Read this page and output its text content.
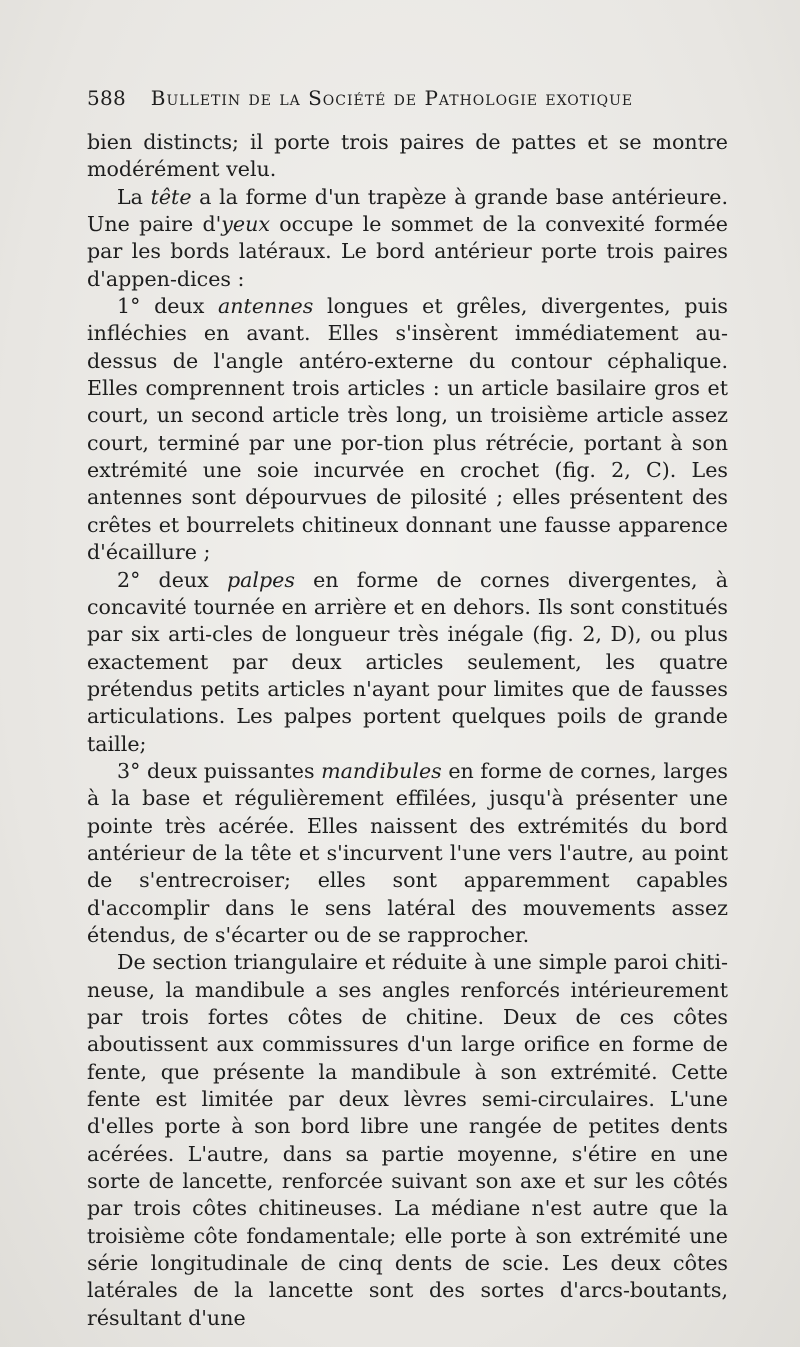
588 Bulletin de la Société de Pathologie exotique

bien distincts; il porte trois paires de pattes et se montre modérément velu.

La tête a la forme d'un trapèze à grande base antérieure. Une paire d'yeux occupe le sommet de la convexité formée par les bords latéraux. Le bord antérieur porte trois paires d'appen-dices :

1° deux antennes longues et grêles, divergentes, puis infléchies en avant. Elles s'insèrent immédiatement au-dessus de l'angle antéro-externe du contour céphalique. Elles comprennent trois articles : un article basilaire gros et court, un second article très long, un troisième article assez court, terminé par une por-tion plus rétrécie, portant à son extrémité une soie incurvée en crochet (fig. 2, C). Les antennes sont dépourvues de pilosité ; elles présentent des crêtes et bourrelets chitineux donnant une fausse apparence d'écaillure ;

2° deux palpes en forme de cornes divergentes, à concavité tournée en arrière et en dehors. Ils sont constitués par six arti-cles de longueur très inégale (fig. 2, D), ou plus exactement par deux articles seulement, les quatre prétendus petits articles n'ayant pour limites que de fausses articulations. Les palpes portent quelques poils de grande taille;

3° deux puissantes mandibules en forme de cornes, larges à la base et régulièrement effilées, jusqu'à présenter une pointe très acérée. Elles naissent des extrémités du bord antérieur de la tête et s'incurvent l'une vers l'autre, au point de s'entrecroiser; elles sont apparemment capables d'accomplir dans le sens latéral des mouvements assez étendus, de s'écarter ou de se rapprocher.

De section triangulaire et réduite à une simple paroi chiti-neuse, la mandibule a ses angles renforcés intérieurement par trois fortes côtes de chitine. Deux de ces côtes aboutissent aux commissures d'un large orifice en forme de fente, que présente la mandibule à son extrémité. Cette fente est limitée par deux lèvres semi-circulaires. L'une d'elles porte à son bord libre une rangée de petites dents acérées. L'autre, dans sa partie moyenne, s'étire en une sorte de lancette, renforcée suivant son axe et sur les côtés par trois côtes chitineuses. La médiane n'est autre que la troisième côte fondamentale; elle porte à son extrémité une série longitudinale de cinq dents de scie. Les deux côtes latérales de la lancette sont des sortes d'arcs-boutants, résultant d'une
